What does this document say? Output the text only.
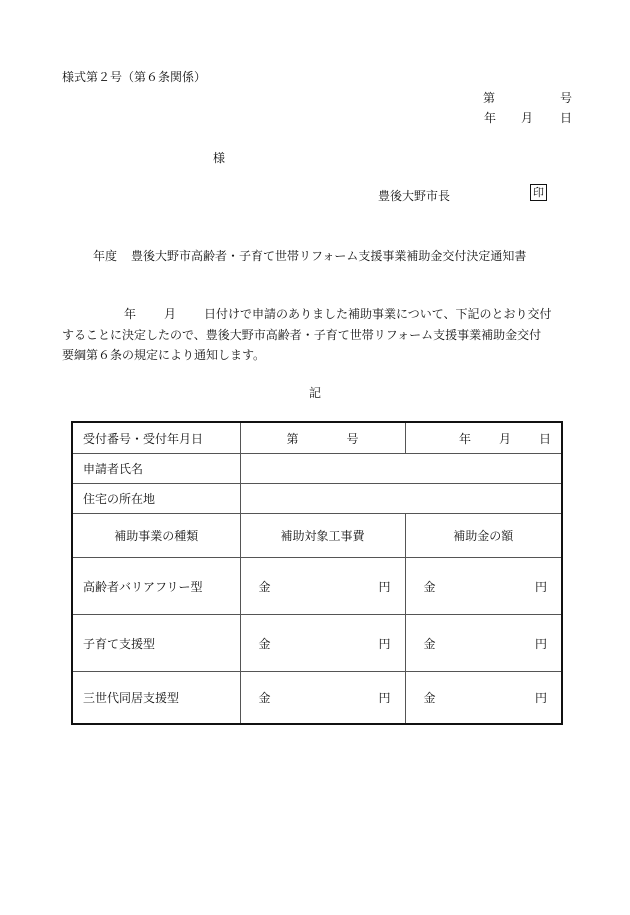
様式第２号（第６条関係）
第	号
年 月 日
様
豊後大野市長	印
年度 豊後大野市高齢者・子育て世帯リフォーム支援事業補助金交付決定通知書
年 月 日付けで申請のありました補助事業について、下記のとおり交付
することに決定したので、豊後大野市高齢者・子育て世帯リフォーム支援事業補助金交付
要綱第６条の規定により通知します。
記
受付番号・受付年月日	第 号	年 月 日

申請者氏名		
住宅の所在地		
補助事業の種類	補助対象工事費	補助金の額
高齢者バリアフリー型	金 円	金 円

子育て支援型	金 円	金 円

三世代同居支援型	金 円	金 円
